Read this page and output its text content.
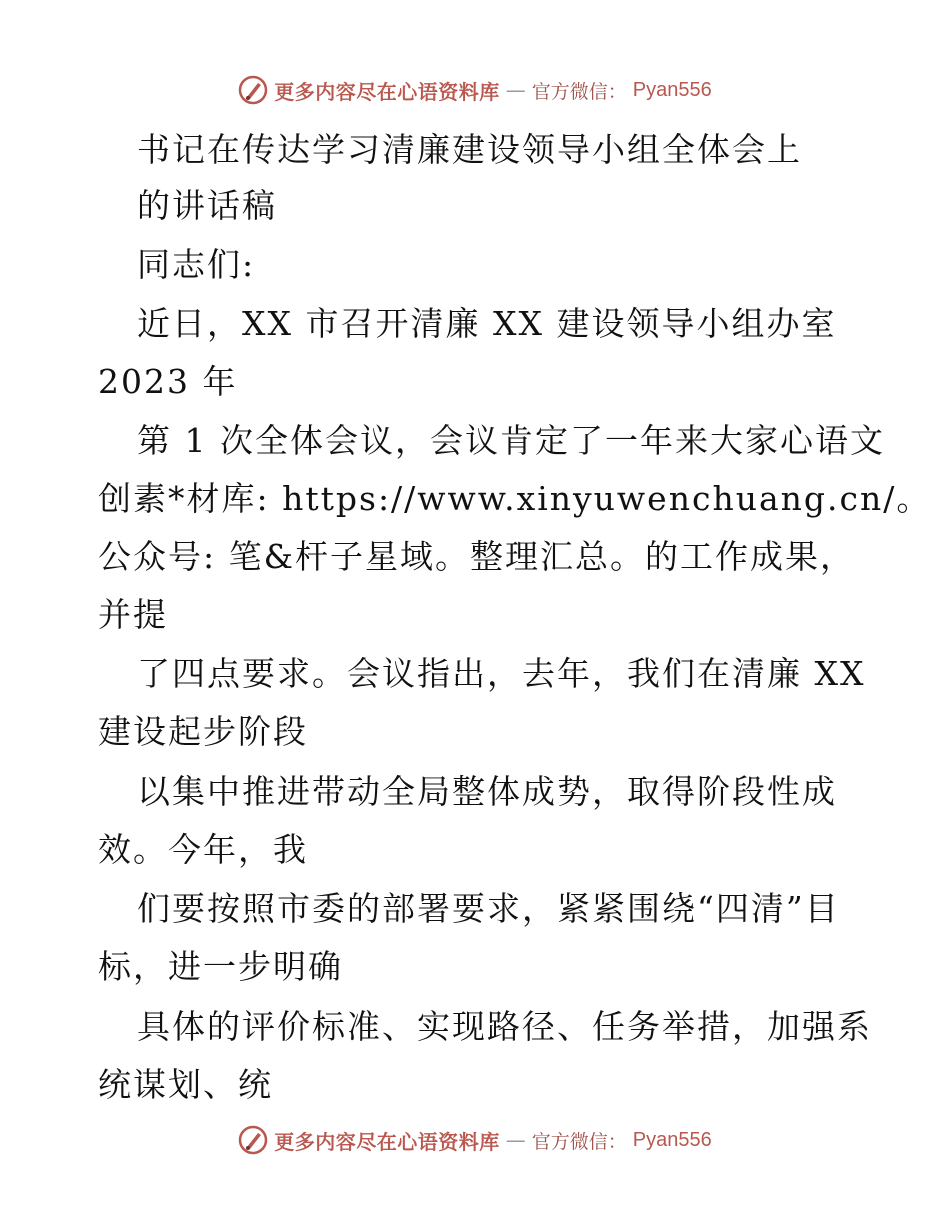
更多内容尽在心语资料库 — 官方微信： Pyan556
书记在传达学习清廉建设领导小组全体会上
的讲话稿
同志们:
近日，XX 市召开清廉 XX 建设领导小组办室
2023 年
第 1 次全体会议，会议肯定了一年来大家心语文
创素*材库: https://www.xinyuwenchuang.cn/。
公众号: 笔&杆子星域。整理汇总。的工作成果，
并提
了四点要求。会议指出，去年，我们在清廉 XX
建设起步阶段
以集中推进带动全局整体成势，取得阶段性成
效。今年，我
们要按照市委的部署要求，紧紧围绕“四清”目
标，进一步明确
具体的评价标准、实现路径、任务举措，加强系
统谋划、统
更多内容尽在心语资料库 — 官方微信： Pyan556
